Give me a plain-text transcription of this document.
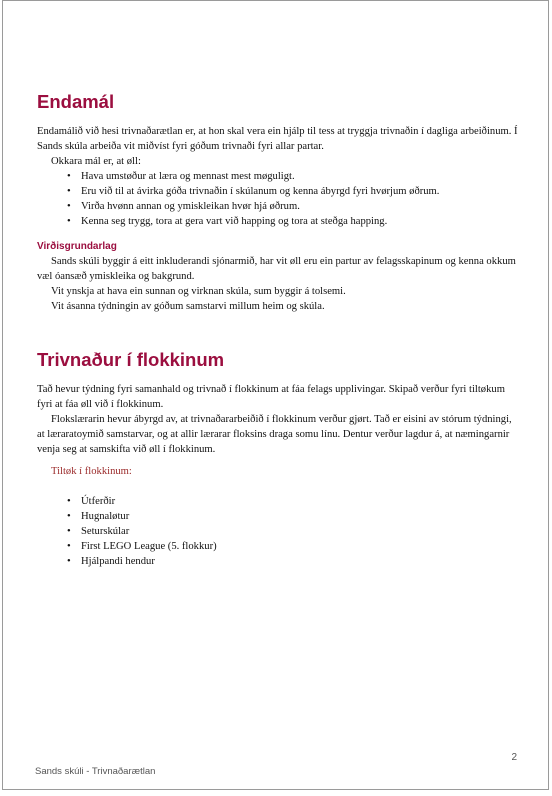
Endamál

Endamálið við hesi trivnaðarætlan er, at hon skal vera ein hjálp til tess at tryggja trivnaðin í dagliga arbeiðinum. Í Sands skúla arbeiða vit miðvíst fyri góðum trivnaði fyri allar partar.

Okkara mál er, at øll:

• Hava umstøður at læra og mennast mest møguligt.
• Eru við til at ávirka góða trivnaðin í skúlanum og kenna ábyrgd fyri hvørjum øðrum.
• Virða hvønn annan og ymiskleikan hvør hjá øðrum.
• Kenna seg trygg, tora at gera vart við happing og tora at steðga happing.
Virðisgrundarlag

Sands skúli byggir á eitt inkluderandi sjónarmið, har vit øll eru ein partur av felagsskapinum og kenna okkum væl óansæð ymiskleika og bakgrund.

Vit ynskja at hava ein sunnan og virknan skúla, sum byggir á tolsemi.

Vit ásanna týdningin av góðum samstarvi millum heim og skúla.

Trivnaður í flokkinum

Tað hevur týdning fyri samanhald og trivnað í flokkinum at fáa felags upplivingar. Skipað verður fyri tiltøkum fyri at fáa øll við í flokkinum.

Flokslærarin hevur ábyrgd av, at trivnaðararbeiðið í flokkinum verður gjørt. Tað er eisini av stórum týdningi, at læraratoymið samstarvar, og at allir lærarar floksins draga somu línu. Dentur verður lagdur á, at næmingarnir venja seg at samskifta við øll í flokkinum.

Tiltøk í flokkinum:

• Útferðir
• Hugnaløtur
• Seturskúlar
• First LEGO League (5. flokkur)
• Hjálpandi hendur
2
Sands skúli - Trivnaðarætlan
